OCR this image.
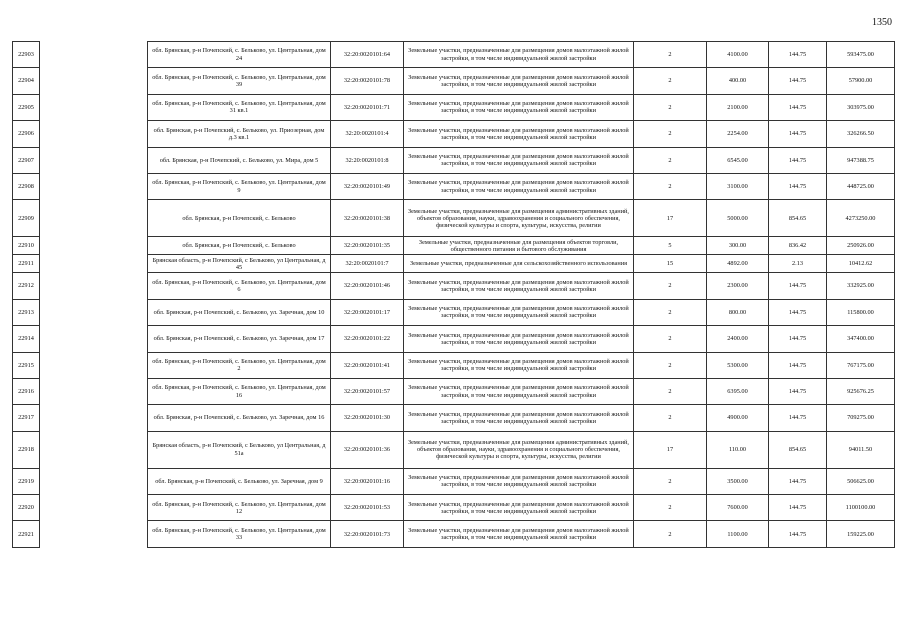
1350
22903		обл. Брянская, р-н Почепский, с. Бельково, ул. Центральная, дом 24	32:20:0020101:64	Земельные участки, предназначенные для размещения домов малоэтажной жилой застройки, в том числе индивидуальной жилой застройки	2	4100.00	144.75	593475.00
22904		обл. Брянская, р-н Почепский, с. Бельково, ул. Центральная, дом 39	32:20:0020101:78	Земельные участки, предназначенные для размещения домов малоэтажной жилой застройки, в том числе индивидуальной жилой застройки	2	400.00	144.75	57900.00
22905		обл. Брянская, р-н Почепский, с. Бельково, ул. Центральная, дом 31 кв.1	32:20:0020101:71	Земельные участки, предназначенные для размещения домов малоэтажной жилой застройки, в том числе индивидуальной жилой застройки	2	2100.00	144.75	303975.00
22906		обл. Брянская, р-н Почепский, с. Бельково, ул. Приозерная, дом д.3 кв.1	32:20:0020101:4	Земельные участки, предназначенные для размещения домов малоэтажной жилой застройки, в том числе индивидуальной жилой застройки	2	2254.00	144.75	326266.50
22907		обл. Брянская, р-н Почепский, с. Бельково, ул. Мира, дом 5	32:20:0020101:8	Земельные участки, предназначенные для размещения домов малоэтажной жилой застройки, в том числе индивидуальной жилой застройки	2	6545.00	144.75	947388.75
22908		обл. Брянская, р-н Почепский, с. Бельково, ул. Центральная, дом 9	32:20:0020101:49	Земельные участки, предназначенные для размещения домов малоэтажной жилой застройки, в том числе индивидуальной жилой застройки	2	3100.00	144.75	448725.00
22909		обл. Брянская, р-н Почепский, с. Бельково	32:20:0020101:38	Земельные участки, предназначенные для размещения административных зданий, объектов образования, науки, здравоохранения и социального обеспечения, физической культуры и спорта, культуры, искусства, религии	17	5000.00	854.65	4273250.00
22910		обл. Брянская, р-н Почепский, с. Бельково	32:20:0020101:35	Земельные участки, предназначенные для размещения объектов торговли, общественного питания и бытового обслуживания	5	300.00	836.42	250926.00
22911		Брянская область, р-н Почепский, с Бельково, ул Центральная, д 45	32:20:0020101:7	Земельные участки, предназначенные для сельскохозяйственного использования	15	4892.00	2.13	10412.62
22912		обл. Брянская, р-н Почепский, с. Бельково, ул. Центральная, дом 6	32:20:0020101:46	Земельные участки, предназначенные для размещения домов малоэтажной жилой застройки, в том числе индивидуальной жилой застройки	2	2300.00	144.75	332925.00
22913		обл. Брянская, р-н Почепский, с. Бельково, ул. Заречная, дом 10	32:20:0020101:17	Земельные участки, предназначенные для размещения домов малоэтажной жилой застройки, в том числе индивидуальной жилой застройки	2	800.00	144.75	115800.00
22914		обл. Брянская, р-н Почепский, с. Бельково, ул. Заречная, дом 17	32:20:0020101:22	Земельные участки, предназначенные для размещения домов малоэтажной жилой застройки, в том числе индивидуальной жилой застройки	2	2400.00	144.75	347400.00
22915		обл. Брянская, р-н Почепский, с. Бельково, ул. Центральная, дом 2	32:20:0020101:41	Земельные участки, предназначенные для размещения домов малоэтажной жилой застройки, в том числе индивидуальной жилой застройки	2	5300.00	144.75	767175.00
22916		обл. Брянская, р-н Почепский, с. Бельково, ул. Центральная, дом 16	32:20:0020101:57	Земельные участки, предназначенные для размещения домов малоэтажной жилой застройки, в том числе индивидуальной жилой застройки	2	6395.00	144.75	925676.25
22917		обл. Брянская, р-н Почепский, с. Бельково, ул. Заречная, дом 16	32:20:0020101:30	Земельные участки, предназначенные для размещения домов малоэтажной жилой застройки, в том числе индивидуальной жилой застройки	2	4900.00	144.75	709275.00
22918		Брянская область, р-н Почепский, с Бельково, ул Центральная, д 51а	32:20:0020101:36	Земельные участки, предназначенные для размещения административных зданий, объектов образования, науки, здравоохранения и социального обеспечения, физической культуры и спорта, культуры, искусства, религии	17	110.00	854.65	94011.50
22919		обл. Брянская, р-н Почепский, с. Бельково, ул. Заречная, дом 9	32:20:0020101:16	Земельные участки, предназначенные для размещения домов малоэтажной жилой застройки, в том числе индивидуальной жилой застройки	2	3500.00	144.75	506625.00
22920		обл. Брянская, р-н Почепский, с. Бельково, ул. Центральная, дом 12	32:20:0020101:53	Земельные участки, предназначенные для размещения домов малоэтажной жилой застройки, в том числе индивидуальной жилой застройки	2	7600.00	144.75	1100100.00
22921		обл. Брянская, р-н Почепский, с. Бельково, ул. Центральная, дом 33	32:20:0020101:73	Земельные участки, предназначенные для размещения домов малоэтажной жилой застройки, в том числе индивидуальной жилой застройки	2	1100.00	144.75	159225.00
